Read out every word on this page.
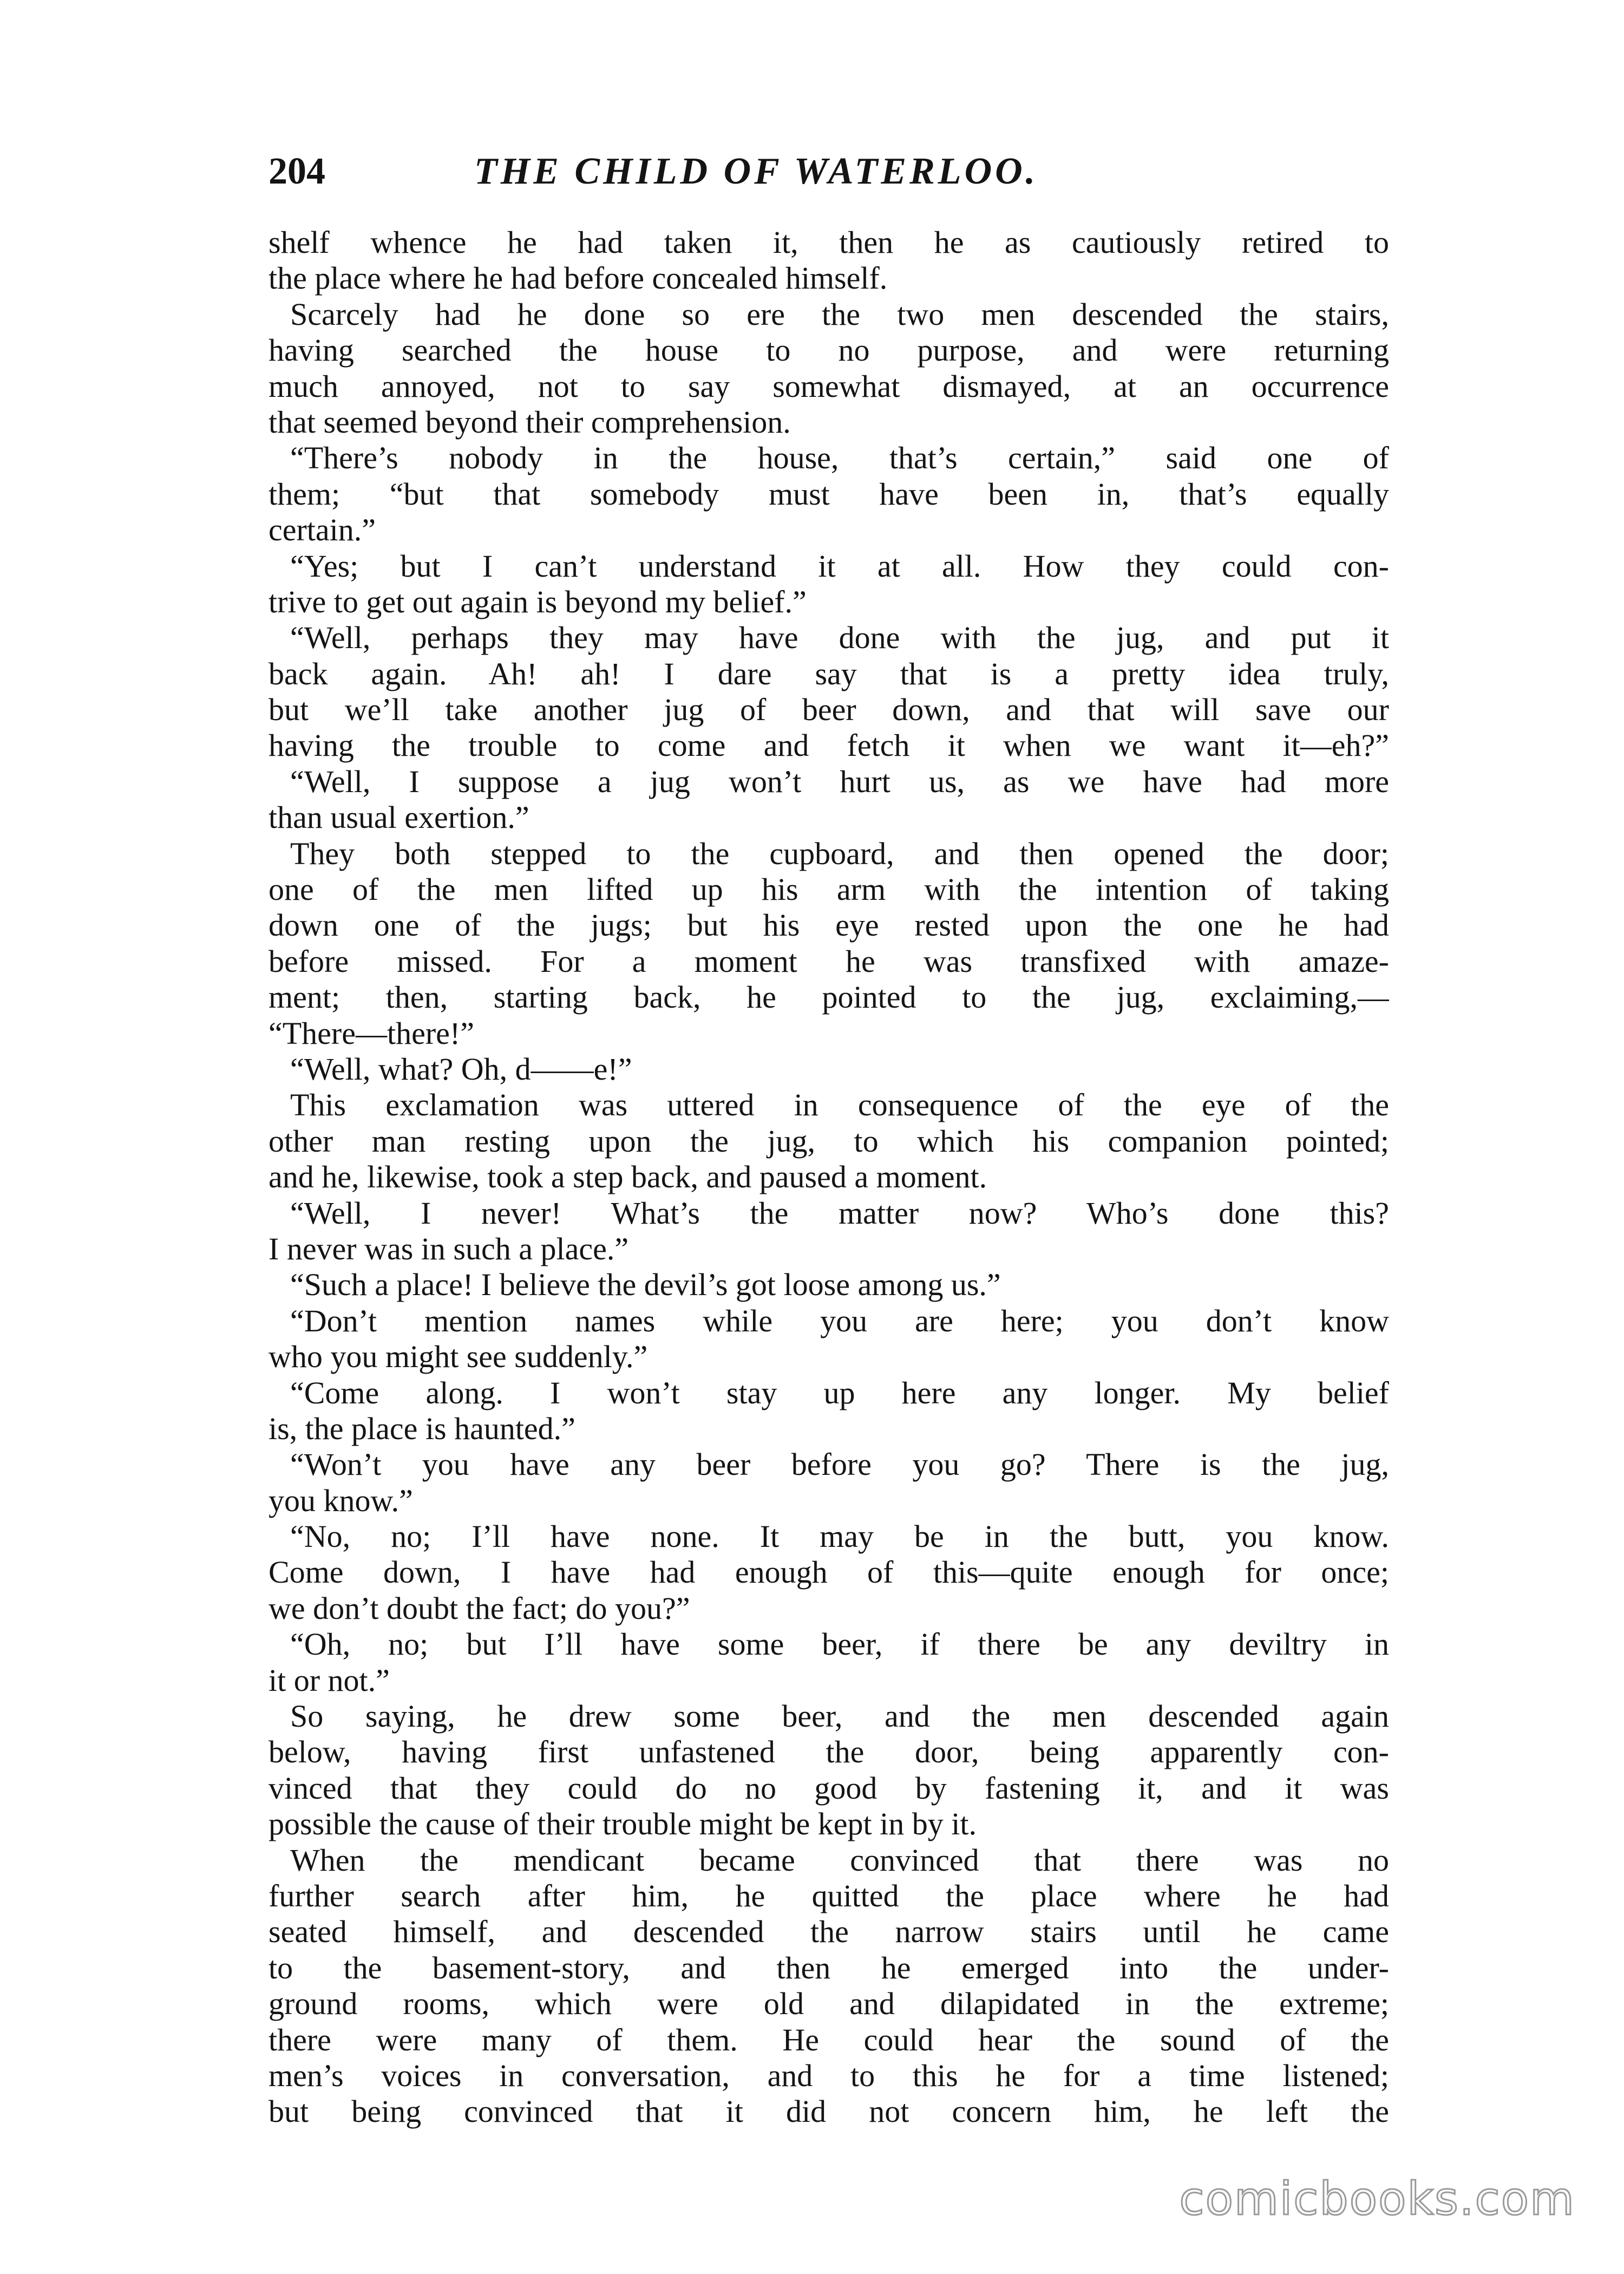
204	THE CHILD OF WATERLOO.
shelf whence he had taken it, then he as cautiously retired to
the place where he had before concealed himself.
Scarcely had he done so ere the two men descended the stairs,
having searched the house to no purpose, and were returning
much annoyed, not to say somewhat dismayed, at an occurrence
that seemed beyond their comprehension.
“There’s nobody in the house, that’s certain,” said one of
them; “but that somebody must have been in, that’s equally
certain.”
“Yes; but I can’t understand it at all. How they could con-
trive to get out again is beyond my belief.”
“Well, perhaps they may have done with the jug, and put it
back again. Ah! ah! I dare say that is a pretty idea truly,
but we’ll take another jug of beer down, and that will save our
having the trouble to come and fetch it when we want it—eh?”
“Well, I suppose a jug won’t hurt us, as we have had more
than usual exertion.”
They both stepped to the cupboard, and then opened the door;
one of the men lifted up his arm with the intention of taking
down one of the jugs; but his eye rested upon the one he had
before missed. For a moment he was transfixed with amaze-
ment; then, starting back, he pointed to the jug, exclaiming,—
“There—there!”
“Well, what? Oh, d——e!”
This exclamation was uttered in consequence of the eye of the
other man resting upon the jug, to which his companion pointed;
and he, likewise, took a step back, and paused a moment.
“Well, I never! What’s the matter now? Who’s done this?
I never was in such a place.”
“Such a place! I believe the devil’s got loose among us.”
“Don’t mention names while you are here; you don’t know
who you might see suddenly.”
“Come along. I won’t stay up here any longer. My belief
is, the place is haunted.”
“Won’t you have any beer before you go? There is the jug,
you know.”
“No, no; I’ll have none. It may be in the butt, you know.
Come down, I have had enough of this—quite enough for once;
we don’t doubt the fact; do you?”
“Oh, no; but I’ll have some beer, if there be any deviltry in
it or not.”
So saying, he drew some beer, and the men descended again
below, having first unfastened the door, being apparently con-
vinced that they could do no good by fastening it, and it was
possible the cause of their trouble might be kept in by it.
When the mendicant became convinced that there was no
further search after him, he quitted the place where he had
seated himself, and descended the narrow stairs until he came
to the basement-story, and then he emerged into the under-
ground rooms, which were old and dilapidated in the extreme;
there were many of them. He could hear the sound of the
men’s voices in conversation, and to this he for a time listened;
but being convinced that it did not concern him, he left the
comicbooks.com
